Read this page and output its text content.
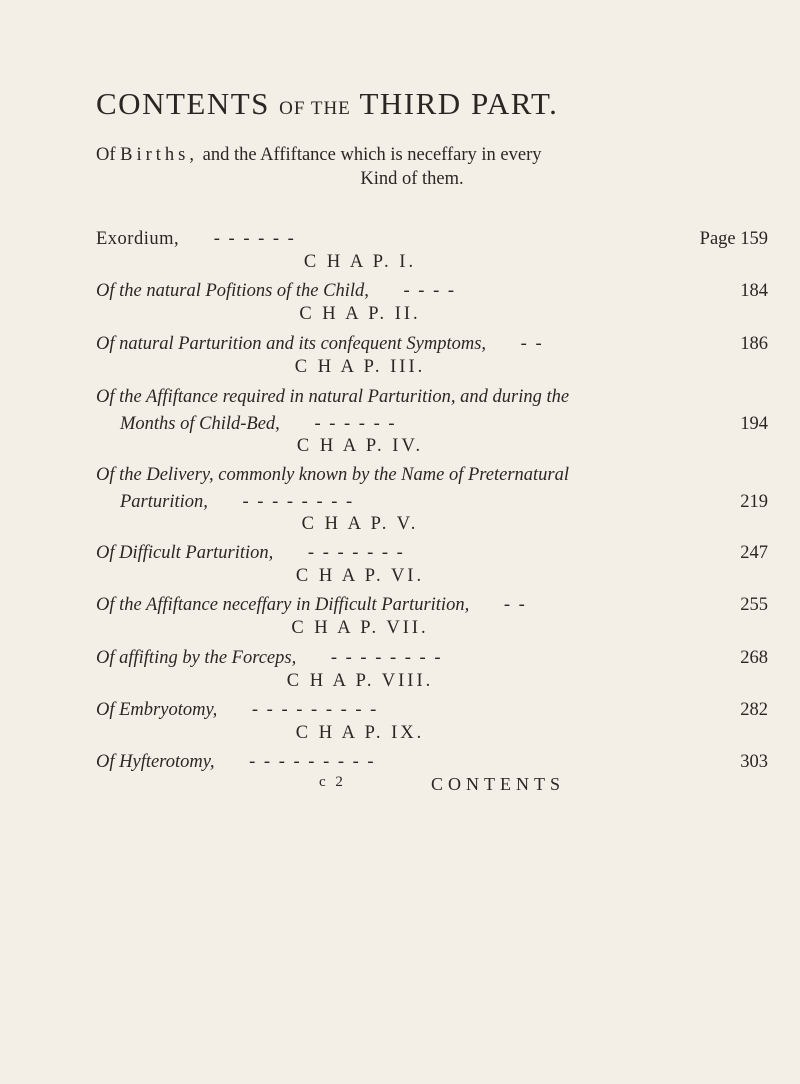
CONTENTS OF THE THIRD PART.
Of Births, and the Affiftance which is neceffary in every
Kind of them.
Exordium, - - - - - -	Page 159
C H A P. I.
Of the natural Pofitions of the Child, - - - -	184
C H A P. II.
Of natural Parturition and its confequent Symptoms, - -	186
C H A P. III.
Of the Affiftance required in natural Parturition, and during the
Months of Child-Bed, - - - - - -	194
C H A P. IV.
Of the Delivery, commonly known by the Name of Preternatural
Parturition, - - - - - - - -	219
C H A P. V.
Of Difficult Parturition, - - - - - - -	247
C H A P. VI.
Of the Affiftance neceffary in Difficult Parturition, - -	255
C H A P. VII.
Of affifting by the Forceps, - - - - - - - -	268
C H A P. VIII.
Of Embryotomy, - - - - - - - - -	282
C H A P. IX.
Of Hyfterotomy, - - - - - - - - -	303
c 2	CONTENTS
